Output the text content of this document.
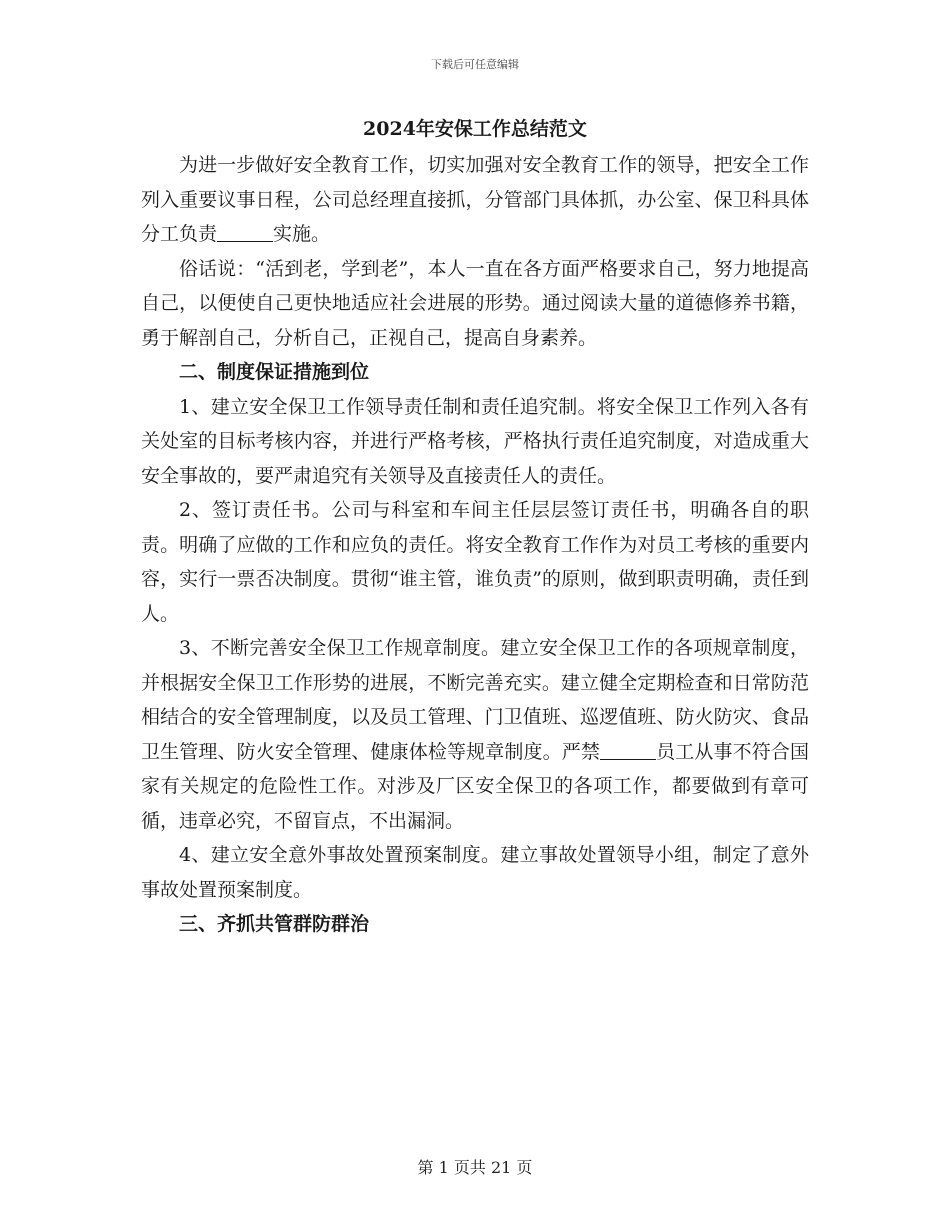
下载后可任意编辑
2024年安保工作总结范文

为进一步做好安全教育工作，切实加强对安全教育工作的领导，把安全工作列入重要议事日程，公司总经理直接抓，分管部门具体抓，办公室、保卫科具体分工负责	实施。

俗话说：“活到老，学到老”，本人一直在各方面严格要求自己，努力地提高自己，以便使自己更快地适应社会进展的形势。通过阅读大量的道德修养书籍，勇于解剖自己，分析自己，正视自己，提高自身素养。

二、制度保证措施到位

1、建立安全保卫工作领导责任制和责任追究制。将安全保卫工作列入各有关处室的目标考核内容，并进行严格考核，严格执行责任追究制度，对造成重大安全事故的，要严肃追究有关领导及直接责任人的责任。

2、签订责任书。公司与科室和车间主任层层签订责任书，明确各自的职责。明确了应做的工作和应负的责任。将安全教育工作作为对员工考核的重要内容，实行一票否决制度。贯彻“谁主管，谁负责”的原则，做到职责明确，责任到人。

3、不断完善安全保卫工作规章制度。建立安全保卫工作的各项规章制度，并根据安全保卫工作形势的进展，不断完善充实。建立健全定期检查和日常防范相结合的安全管理制度，以及员工管理、门卫值班、巡逻值班、防火防灾、食品卫生管理、防火安全管理、健康体检等规章制度。严禁	员工从事不符合国家有关规定的危险性工作。对涉及厂区安全保卫的各项工作，都要做到有章可循，违章必究，不留盲点，不出漏洞。

4、建立安全意外事故处置预案制度。建立事故处置领导小组，制定了意外事故处置预案制度。

三、齐抓共管群防群治

第 1 页共 21 页
